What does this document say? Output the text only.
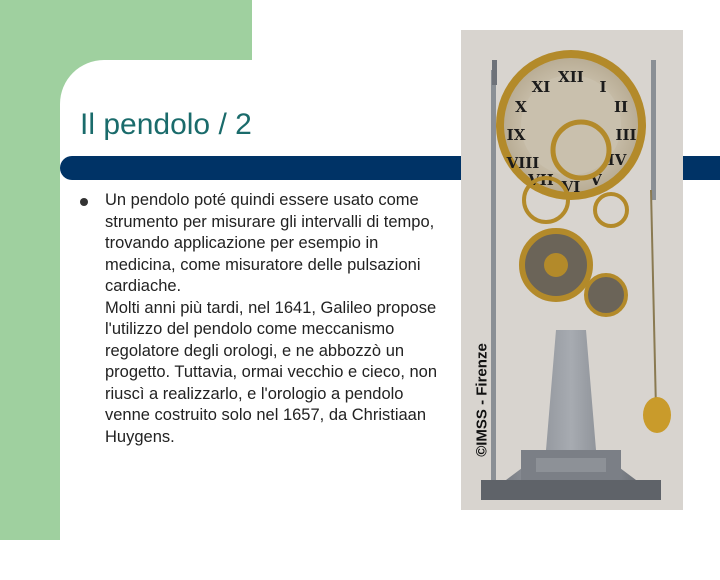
Il pendolo / 2

Un pendolo poté quindi essere usato come strumento per misurare gli intervalli di tempo, trovando applicazione per esempio in medicina, come misuratore delle pulsazioni cardiache.

Molti anni più tardi, nel 1641, Galileo propose l'utilizzo del pendolo come meccanismo regolatore degli orologi, e ne abbozzò un progetto. Tuttavia, ormai vecchio e cieco, non riuscì a realizzarlo, e l'orologio a pendolo venne costruito solo nel 1657, da Christiaan Huygens.

XII
I
II
III
IV
V
VI
VII
VIII
IX
X
XI
©IMSS - Firenze
